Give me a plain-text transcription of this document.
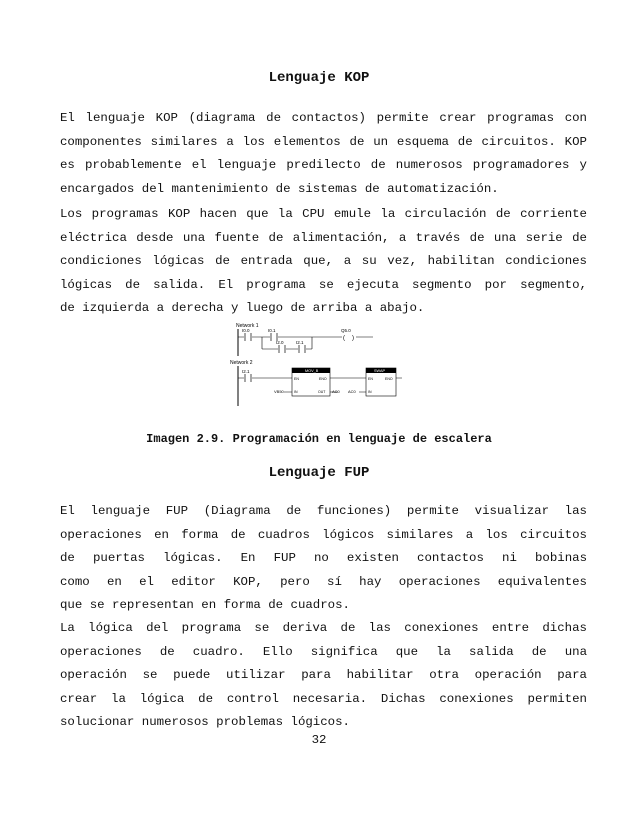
Lenguaje KOP
El lenguaje KOP (diagrama de contactos) permite crear programas con
componentes similares a los elementos de un esquema de circuitos. KOP
es probablemente el lenguaje predilecto de numerosos programadores y
encargados del mantenimiento de sistemas de automatización.
Los programas KOP hacen que la CPU emule la circulación de corriente
eléctrica desde una fuente de alimentación, a través de una serie de
condiciones lógicas de entrada que, a su vez, habilitan condiciones
lógicas de salida. El programa se ejecuta segmento por segmento,
de izquierda a derecha y luego de arriba a abajo.
Network 1
I0.0	I0.1
I2.0	I2.1
( )
Q5.0
Network 2
I2.1	MOV_B
EN	ENO
IN	OUT
VB50	AC0
SWAP
EN	ENO
IN
AC0
Imagen 2.9. Programación en lenguaje de escalera
Lenguaje FUP
El lenguaje FUP (Diagrama de funciones) permite visualizar las
operaciones en forma de cuadros lógicos similares a los circuitos
de puertas lógicas. En FUP no existen contactos ni bobinas
como en el editor KOP, pero sí hay operaciones equivalentes
que se representan en forma de cuadros.
La lógica del programa se deriva de las conexiones entre dichas
operaciones de cuadro. Ello significa que la salida de una
operación se puede utilizar para habilitar otra operación para
crear la lógica de control necesaria. Dichas conexiones permiten
solucionar numerosos problemas lógicos.
32
